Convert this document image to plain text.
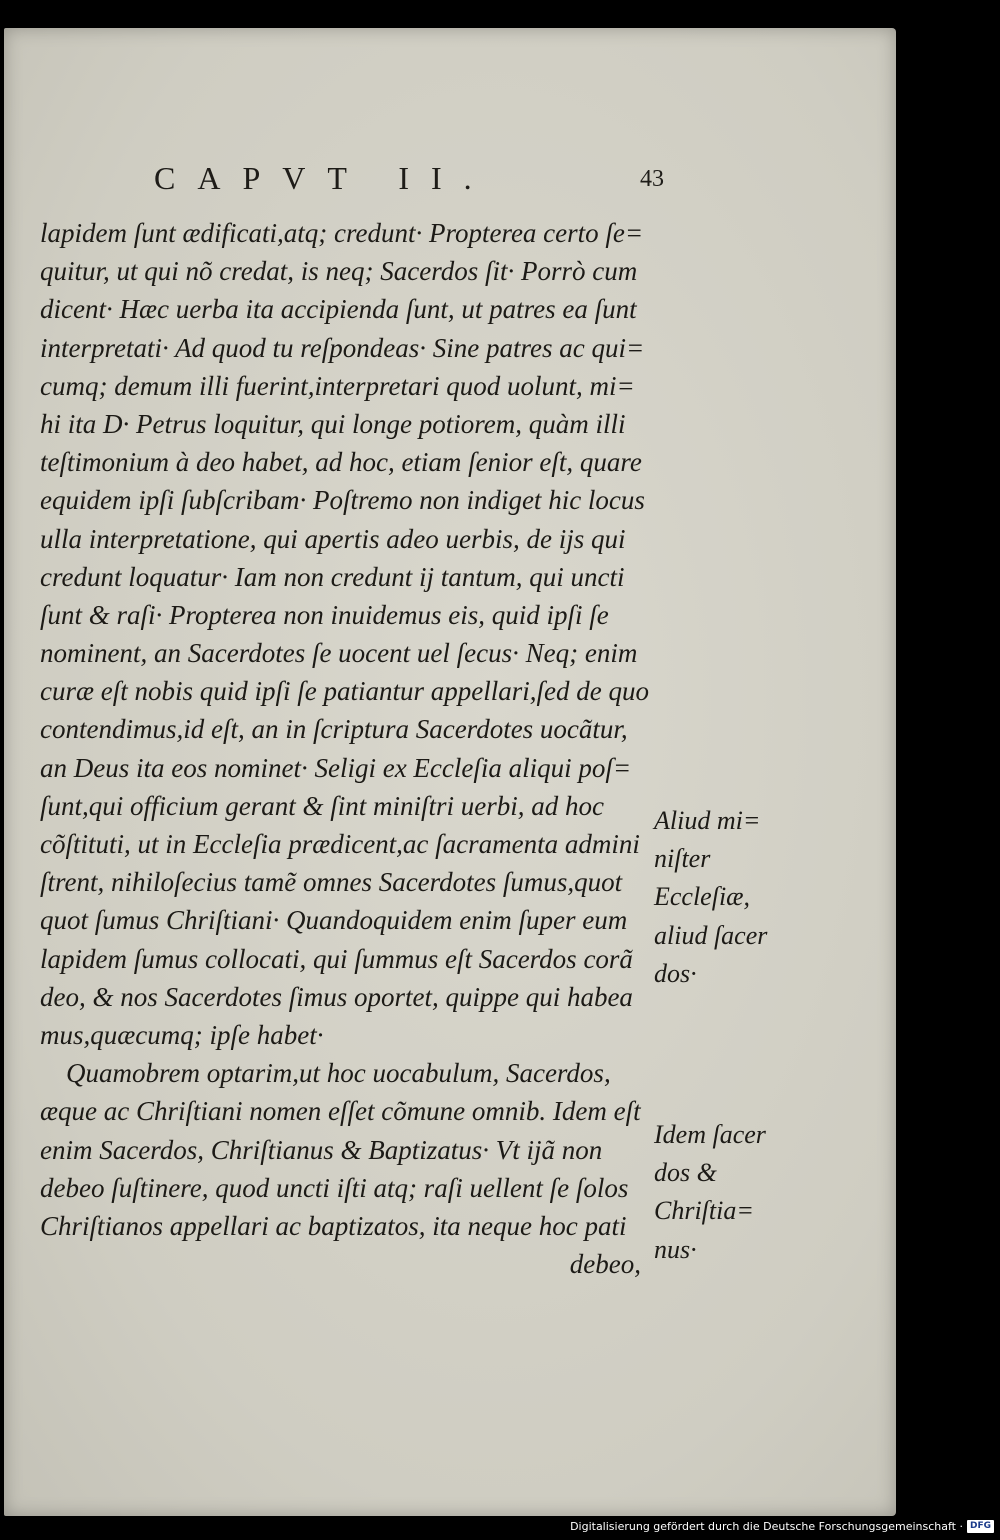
CAPVT II.	43
lapidem ſunt ædificati,atq; credunt· Propterea certo ſe=
quitur, ut qui nõ credat, is neq; Sacerdos ſit· Porrò cum
dicent· Hæc uerba ita accipienda ſunt, ut patres ea ſunt
interpretati· Ad quod tu reſpondeas· Sine patres ac qui=
cumq; demum illi fuerint,interpretari quod uolunt, mi=
hi ita D· Petrus loquitur, qui longe potiorem, quàm illi
teſtimonium à deo habet, ad hoc, etiam ſenior eſt, quare
equidem ipſi ſubſcribam· Poſtremo non indiget hic locus
ulla interpretatione, qui apertis adeo uerbis, de ijs qui
credunt loquatur· Iam non credunt ij tantum, qui uncti
ſunt & raſi· Propterea non inuidemus eis, quid ipſi ſe
nominent, an Sacerdotes ſe uocent uel ſecus· Neq; enim
curæ eſt nobis quid ipſi ſe patiantur appellari,ſed de quo
contendimus,id eſt, an in ſcriptura Sacerdotes uocãtur,
an Deus ita eos nominet· Seligi ex Eccleſia aliqui poſ=
ſunt,qui officium gerant & ſint miniſtri uerbi, ad hoc
cõſtituti, ut in Eccleſia prædicent,ac ſacramenta admini
ſtrent, nihiloſecius tamẽ omnes Sacerdotes ſumus,quot
quot ſumus Chriſtiani· Quandoquidem enim ſuper eum
lapidem ſumus collocati, qui ſummus eſt Sacerdos corã
deo, & nos Sacerdotes ſimus oportet, quippe qui habea
mus,quæcumq; ipſe habet·
Quamobrem optarim,ut hoc uocabulum, Sacerdos,
æque ac Chriſtiani nomen eſſet cõmune omnib. Idem eſt
enim Sacerdos, Chriſtianus & Baptizatus· Vt ijã non
debeo ſuſtinere, quod uncti iſti atq; raſi uellent ſe ſolos
Chriſtianos appellari ac baptizatos, ita neque hoc pati
debeo,
Aliud mi=
niſter
Eccleſiæ,
aliud ſacer
dos·
Idem ſacer
dos &
Chriſtia=
nus·
Digitalisierung gefördert durch die Deutsche Forschungsgemeinschaft · DFG
